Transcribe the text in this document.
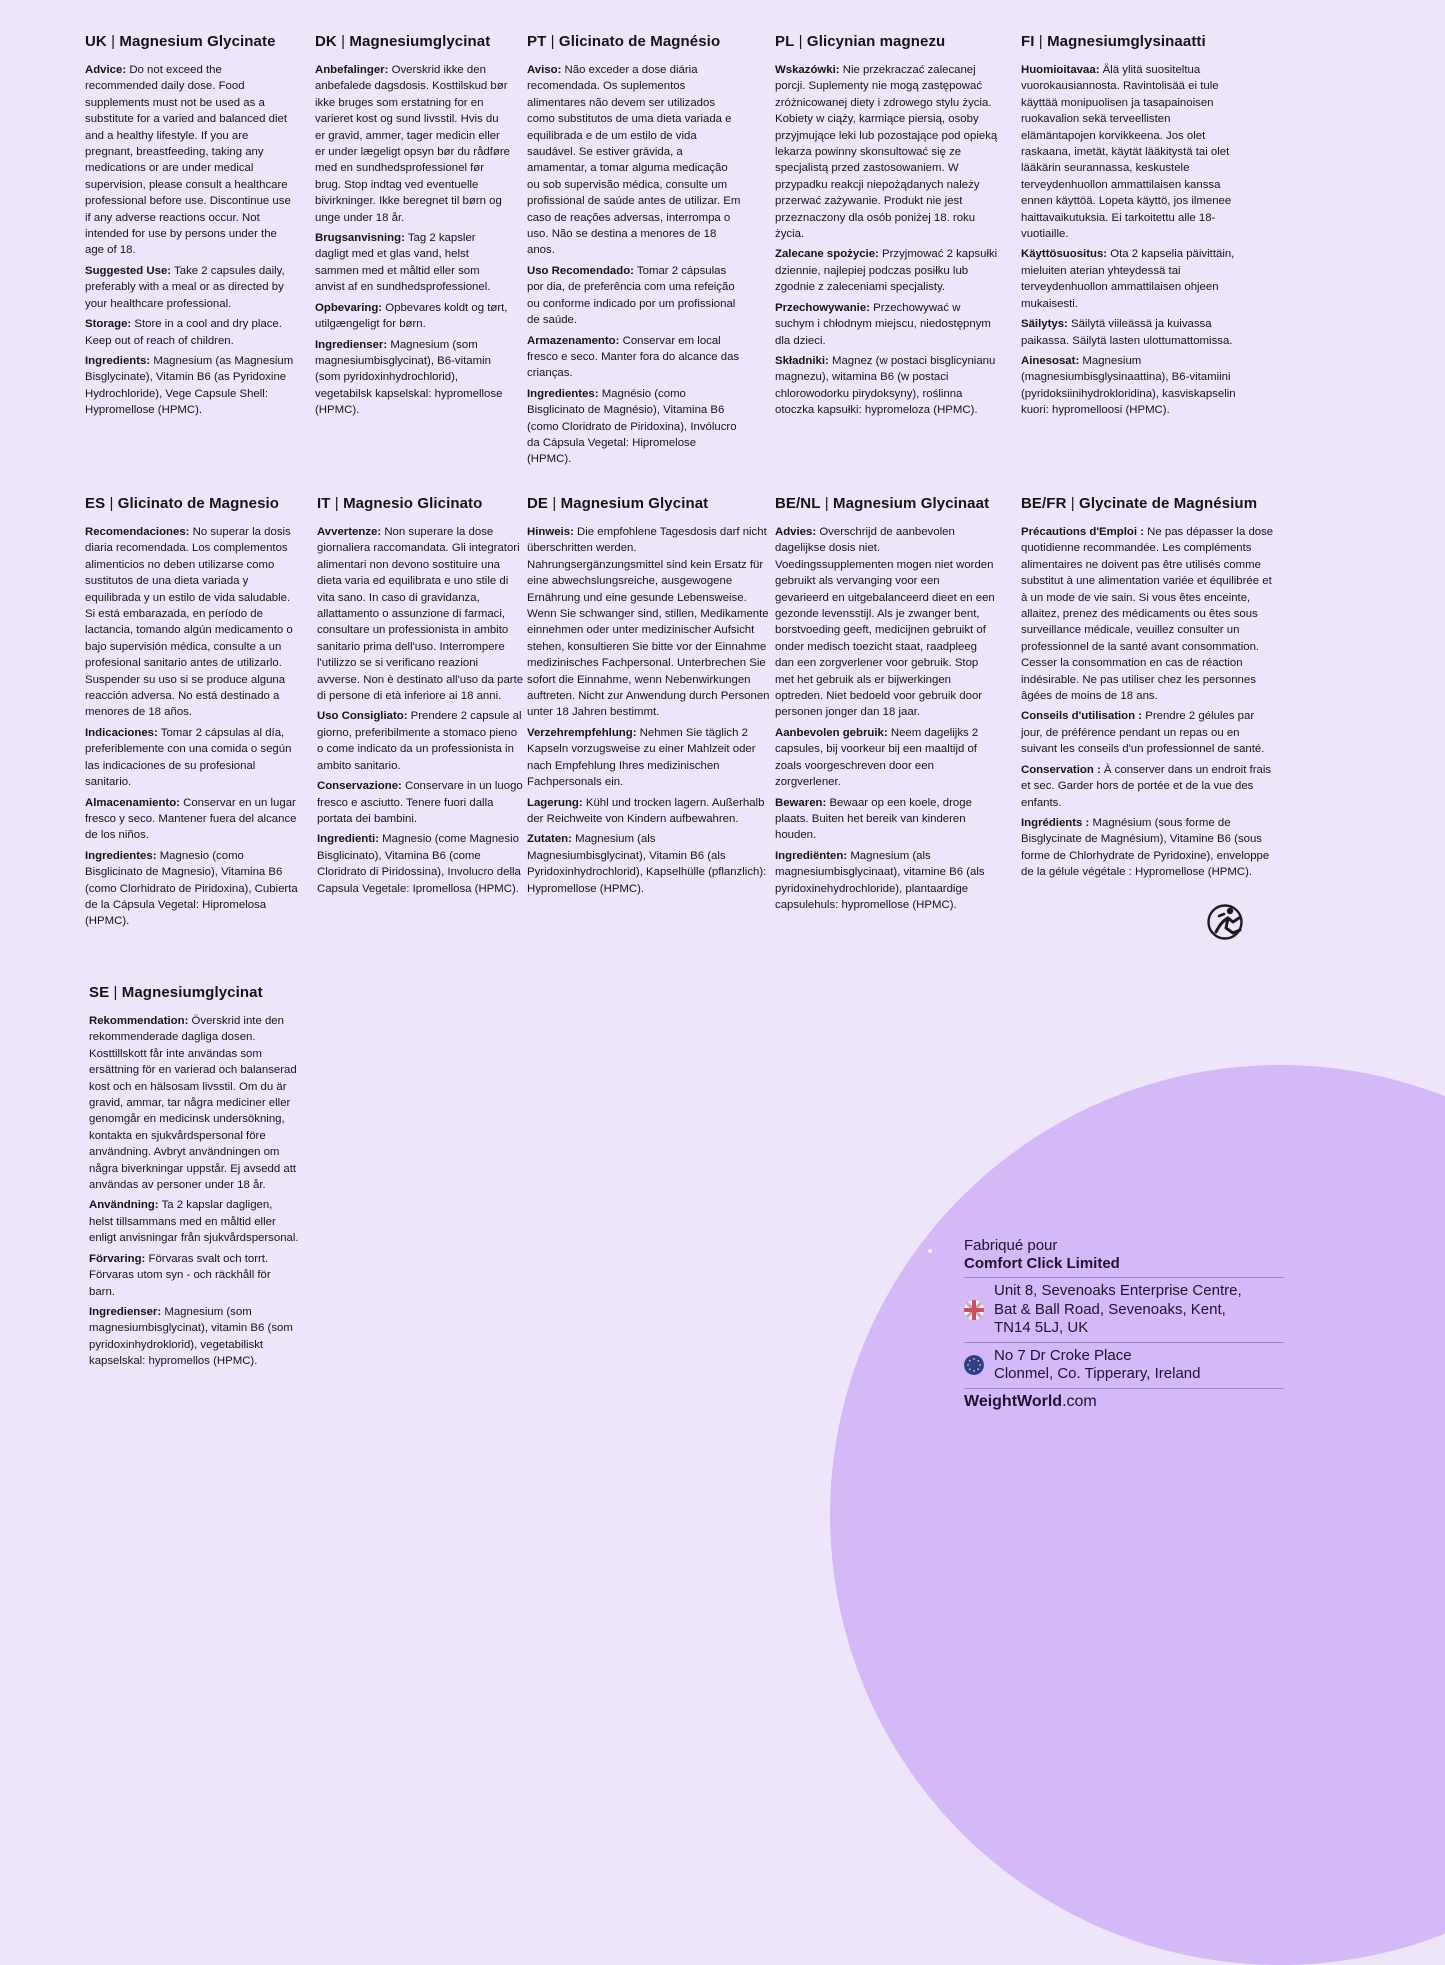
UK | Magnesium Glycinate

Advice: Do not exceed the recommended daily dose. Food supplements must not be used as a substitute for a varied and balanced diet and a healthy lifestyle. If you are pregnant, breastfeeding, taking any medications or are under medical supervision, please consult a healthcare professional before use. Discontinue use if any adverse reactions occur. Not intended for use by persons under the age of 18.

Suggested Use: Take 2 capsules daily, preferably with a meal or as directed by your healthcare professional.

Storage: Store in a cool and dry place. Keep out of reach of children.

Ingredients: Magnesium (as Magnesium Bisglycinate), Vitamin B6 (as Pyridoxine Hydrochloride), Vege Capsule Shell: Hypromellose (HPMC).

DK | Magnesiumglycinat

Anbefalinger: Overskrid ikke den anbefalede dagsdosis. Kosttilskud bør ikke bruges som erstatning for en varieret kost og sund livsstil. Hvis du er gravid, ammer, tager medicin eller er under lægeligt opsyn bør du rådføre med en sundhedsprofessionel før brug. Stop indtag ved eventuelle bivirkninger. Ikke beregnet til børn og unge under 18 år.

Brugsanvisning: Tag 2 kapsler dagligt med et glas vand, helst sammen med et måltid eller som anvist af en sundhedsprofessionel.

Opbevaring: Opbevares koldt og tørt, utilgængeligt for børn.

Ingredienser: Magnesium (som magnesiumbisglycinat), B6-vitamin (som pyridoxinhydrochlorid), vegetabilsk kapselskal: hypromellose (HPMC).

PT | Glicinato de Magnésio

Aviso: Não exceder a dose diária recomendada. Os suplementos alimentares não devem ser utilizados como substitutos de uma dieta variada e equilibrada e de um estilo de vida saudável. Se estiver grávida, a amamentar, a tomar alguma medicação ou sob supervisão médica, consulte um profissional de saúde antes de utilizar. Em caso de reações adversas, interrompa o uso. Não se destina a menores de 18 anos.

Uso Recomendado: Tomar 2 cápsulas por dia, de preferência com uma refeição ou conforme indicado por um profissional de saúde.

Armazenamento: Conservar em local fresco e seco. Manter fora do alcance das crianças.

Ingredientes: Magnésio (como Bisglicinato de Magnésio), Vitamina B6 (como Cloridrato de Piridoxina), Invólucro da Cápsula Vegetal: Hipromelose (HPMC).

PL | Glicynian magnezu

Wskazówki: Nie przekraczać zalecanej porcji. Suplementy nie mogą zastępować zróżnicowanej diety i zdrowego stylu życia. Kobiety w ciąży, karmiące piersią, osoby przyjmujące leki lub pozostające pod opieką lekarza powinny skonsultować się ze specjalistą przed zastosowaniem. W przypadku reakcji niepożądanych należy przerwać zażywanie. Produkt nie jest przeznaczony dla osób poniżej 18. roku życia.

Zalecane spożycie: Przyjmować 2 kapsułki dziennie, najlepiej podczas posiłku lub zgodnie z zaleceniami specjalisty.

Przechowywanie: Przechowywać w suchym i chłodnym miejscu, niedostępnym dla dzieci.

Składniki: Magnez (w postaci bisglicynianu magnezu), witamina B6 (w postaci chlorowodorku pirydoksyny), roślinna otoczka kapsułki: hypromeloza (HPMC).

FI | Magnesiumglysinaatti

Huomioitavaa: Älä ylitä suositeltua vuorokausiannosta. Ravintolisää ei tule käyttää monipuolisen ja tasapainoisen ruokavalion sekä terveellisten elämäntapojen korvikkeena. Jos olet raskaana, imetät, käytät lääkitystä tai olet lääkärin seurannassa, keskustele terveydenhuollon ammattilaisen kanssa ennen käyttöä. Lopeta käyttö, jos ilmenee haittavaikutuksia. Ei tarkoitettu alle 18-vuotiaille.

Käyttösuositus: Ota 2 kapselia päivittäin, mieluiten aterian yhteydessä tai terveydenhuollon ammattilaisen ohjeen mukaisesti.

Säilytys: Säilytä viileässä ja kuivassa paikassa. Säilytä lasten ulottumattomissa.

Ainesosat: Magnesium (magnesiumbisglysinaattina), B6-vitamiini (pyridoksiinihydrokloridina), kasviskapselin kuori: hypromelloosi (HPMC).

ES | Glicinato de Magnesio

Recomendaciones: No superar la dosis diaria recomendada. Los complementos alimenticios no deben utilizarse como sustitutos de una dieta variada y equilibrada y un estilo de vida saludable. Si está embarazada, en período de lactancia, tomando algún medicamento o bajo supervisión médica, consulte a un profesional sanitario antes de utilizarlo. Suspender su uso si se produce alguna reacción adversa. No está destinado a menores de 18 años.

Indicaciones: Tomar 2 cápsulas al día, preferiblemente con una comida o según las indicaciones de su profesional sanitario.

Almacenamiento: Conservar en un lugar fresco y seco. Mantener fuera del alcance de los niños.

Ingredientes: Magnesio (como Bisglicinato de Magnesio), Vitamina B6 (como Clorhidrato de Piridoxina), Cubierta de la Cápsula Vegetal: Hipromelosa (HPMC).

IT | Magnesio Glicinato

Avvertenze: Non superare la dose giornaliera raccomandata. Gli integratori alimentari non devono sostituire una dieta varia ed equilibrata e uno stile di vita sano. In caso di gravidanza, allattamento o assunzione di farmaci, consultare un professionista in ambito sanitario prima dell'uso. Interrompere l'utilizzo se si verificano reazioni avverse. Non è destinato all'uso da parte di persone di età inferiore ai 18 anni.

Uso Consigliato: Prendere 2 capsule al giorno, preferibilmente a stomaco pieno o come indicato da un professionista in ambito sanitario.

Conservazione: Conservare in un luogo fresco e asciutto. Tenere fuori dalla portata dei bambini.

Ingredienti: Magnesio (come Magnesio Bisglicinato), Vitamina B6 (come Cloridrato di Piridossina), Involucro della Capsula Vegetale: Ipromellosa (HPMC).

DE | Magnesium Glycinat

Hinweis: Die empfohlene Tagesdosis darf nicht überschritten werden. Nahrungsergänzungsmittel sind kein Ersatz für eine abwechslungsreiche, ausgewogene Ernährung und eine gesunde Lebensweise. Wenn Sie schwanger sind, stillen, Medikamente einnehmen oder unter medizinischer Aufsicht stehen, konsultieren Sie bitte vor der Einnahme medizinisches Fachpersonal. Unterbrechen Sie sofort die Einnahme, wenn Nebenwirkungen auftreten. Nicht zur Anwendung durch Personen unter 18 Jahren bestimmt.

Verzehrempfehlung: Nehmen Sie täglich 2 Kapseln vorzugsweise zu einer Mahlzeit oder nach Empfehlung Ihres medizinischen Fachpersonals ein.

Lagerung: Kühl und trocken lagern. Außerhalb der Reichweite von Kindern aufbewahren.

Zutaten: Magnesium (als Magnesiumbisglycinat), Vitamin B6 (als Pyridoxinhydrochlorid), Kapselhülle (pflanzlich): Hypromellose (HPMC).

BE/NL | Magnesium Glycinaat

Advies: Overschrijd de aanbevolen dagelijkse dosis niet. Voedingssupplementen mogen niet worden gebruikt als vervanging voor een gevarieerd en uitgebalanceerd dieet en een gezonde levensstijl. Als je zwanger bent, borstvoeding geeft, medicijnen gebruikt of onder medisch toezicht staat, raadpleeg dan een zorgverlener voor gebruik. Stop met het gebruik als er bijwerkingen optreden. Niet bedoeld voor gebruik door personen jonger dan 18 jaar.

Aanbevolen gebruik: Neem dagelijks 2 capsules, bij voorkeur bij een maaltijd of zoals voorgeschreven door een zorgverlener.

Bewaren: Bewaar op een koele, droge plaats. Buiten het bereik van kinderen houden.

Ingrediënten: Magnesium (als magnesiumbisglycinaat), vitamine B6 (als pyridoxinehydrochloride), plantaardige capsulehuls: hypromellose (HPMC).

BE/FR | Glycinate de Magnésium

Précautions d'Emploi : Ne pas dépasser la dose quotidienne recommandée. Les compléments alimentaires ne doivent pas être utilisés comme substitut à une alimentation variée et équilibrée et à un mode de vie sain. Si vous êtes enceinte, allaitez, prenez des médicaments ou êtes sous surveillance médicale, veuillez consulter un professionnel de la santé avant consommation. Cesser la consommation en cas de réaction indésirable. Ne pas utiliser chez les personnes âgées de moins de 18 ans.

Conseils d'utilisation : Prendre 2 gélules par jour, de préférence pendant un repas ou en suivant les conseils d'un professionnel de santé.

Conservation : À conserver dans un endroit frais et sec. Garder hors de portée et de la vue des enfants.

Ingrédients : Magnésium (sous forme de Bisglycinate de Magnésium), Vitamine B6 (sous forme de Chlorhydrate de Pyridoxine), enveloppe de la gélule végétale : Hypromellose (HPMC).

SE | Magnesiumglycinat

Rekommendation: Överskrid inte den rekommenderade dagliga dosen. Kosttillskott får inte användas som ersättning för en varierad och balanserad kost och en hälsosam livsstil. Om du är gravid, ammar, tar några mediciner eller genomgår en medicinsk undersökning, kontakta en sjukvårdspersonal före användning. Avbryt användningen om några biverkningar uppstår. Ej avsedd att användas av personer under 18 år.

Användning: Ta 2 kapslar dagligen, helst tillsammans med en måltid eller enligt anvisningar från sjukvårdspersonal.

Förvaring: Förvaras svalt och torrt. Förvaras utom syn - och räckhåll för barn.

Ingredienser: Magnesium (som magnesiumbisglycinat), vitamin B6 (som pyridoxinhydroklorid), vegetabiliskt kapselskal: hypromellos (HPMC).

Fabriqué pour
Comfort Click Limited
Unit 8, Sevenoaks Enterprise Centre,
Bat & Ball Road, Sevenoaks, Kent,
TN14 5LJ, UK
No 7 Dr Croke Place
Clonmel, Co. Tipperary, Ireland
WeightWorld.com
